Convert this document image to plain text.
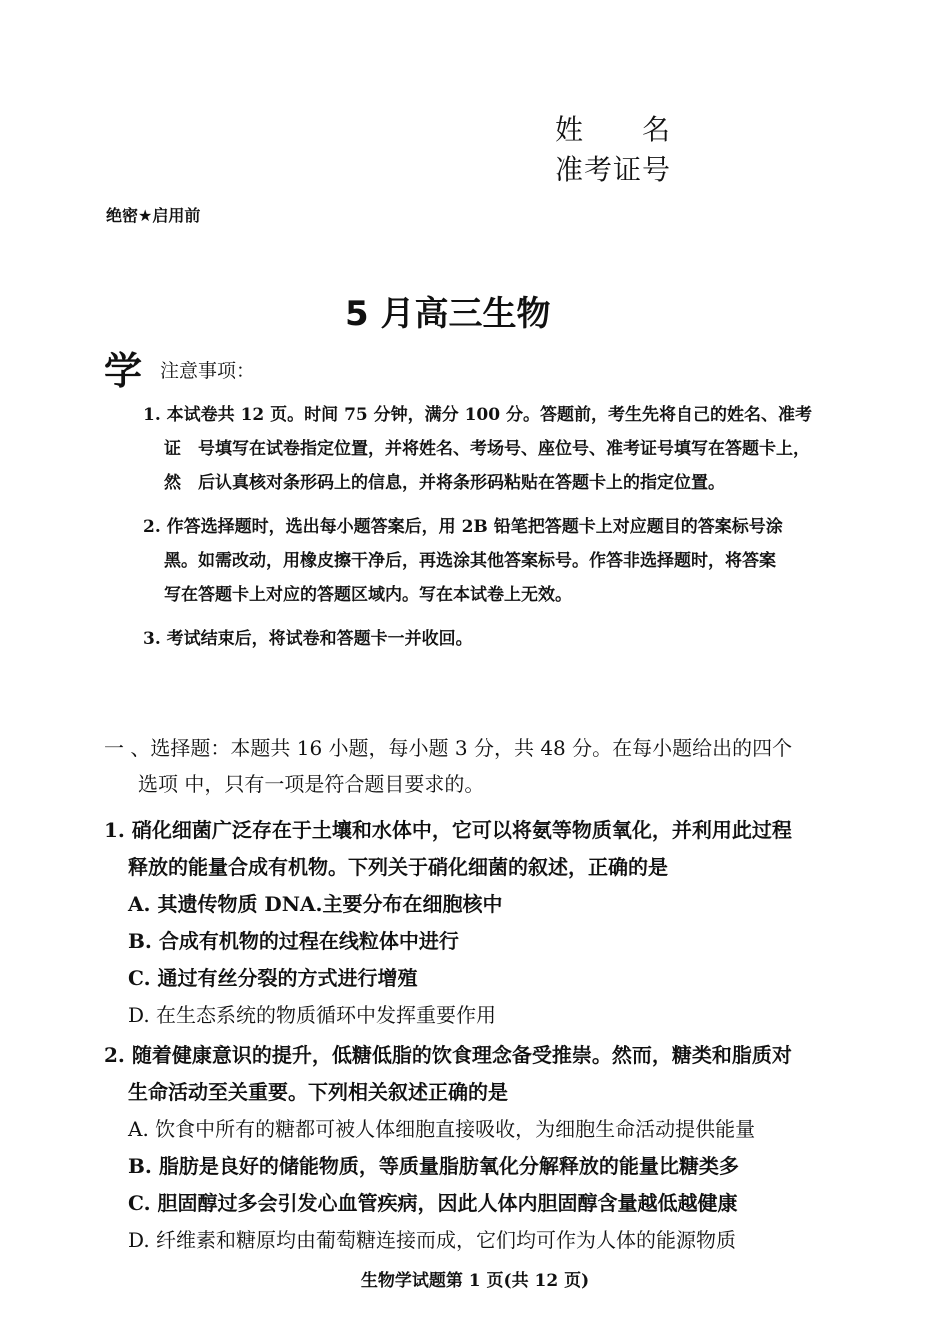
姓　　名
准考证号
绝密★启用前
5 月高三生物
学 注意事项：
1. 本试卷共 12 页。时间 75 分钟，满分 100 分。答题前，考生先将自己的姓名、准考
证　号填写在试卷指定位置，并将姓名、考场号、座位号、准考证号填写在答题卡上，
然　后认真核对条形码上的信息，并将条形码粘贴在答题卡上的指定位置。
2. 作答选择题时，选出每小题答案后，用 2B 铅笔把答题卡上对应题目的答案标号涂
黑。如需改动，用橡皮擦干净后，再选涂其他答案标号。作答非选择题时，将答案
写在答题卡上对应的答题区域内。写在本试卷上无效。
3. 考试结束后，将试卷和答题卡一并收回。
一 、选择题：本题共 16 小题，每小题 3 分，共 48 分。在每小题给出的四个
选项 中，只有一项是符合题目要求的。
1. 硝化细菌广泛存在于土壤和水体中，它可以将氨等物质氧化，并利用此过程
释放的能量合成有机物。下列关于硝化细菌的叙述，正确的是
A. 其遗传物质 DNA.主要分布在细胞核中
B. 合成有机物的过程在线粒体中进行
C. 通过有丝分裂的方式进行增殖
D. 在生态系统的物质循环中发挥重要作用
2. 随着健康意识的提升，低糖低脂的饮食理念备受推崇。然而，糖类和脂质对
生命活动至关重要。下列相关叙述正确的是
A. 饮食中所有的糖都可被人体细胞直接吸收，为细胞生命活动提供能量
B. 脂肪是良好的储能物质，等质量脂肪氧化分解释放的能量比糖类多
C. 胆固醇过多会引发心血管疾病，因此人体内胆固醇含量越低越健康
D. 纤维素和糖原均由葡萄糖连接而成，它们均可作为人体的能源物质
生物学试题第 1 页(共 12 页)
